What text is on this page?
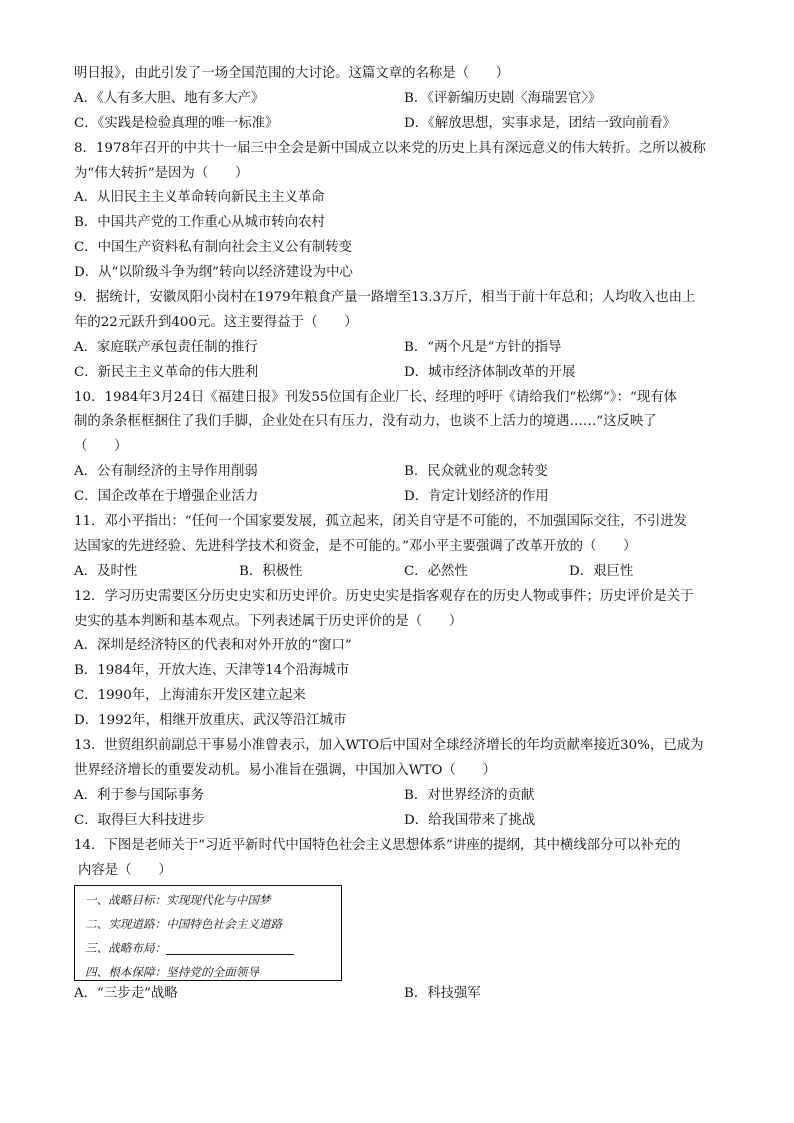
明日报》，由此引发了一场全国范围的大讨论。这篇文章的名称是（　　）
A．《人有多大胆、地有多大产》	B．《评新编历史剧〈海瑞罢官〉》
C．《实践是检验真理的唯一标准》	D．《解放思想，实事求是，团结一致向前看》
8．1978年召开的中共十一届三中全会是新中国成立以来党的历史上具有深远意义的伟大转折。之所以被称
为“伟大转折”是因为（　　）
A．从旧民主主义革命转向新民主主义革命
B．中国共产党的工作重心从城市转向农村
C．中国生产资料私有制向社会主义公有制转变
D．从“以阶级斗争为纲”转向以经济建设为中心
9．据统计，安徽凤阳小岗村在1979年粮食产量一路增至13.3万斤，相当于前十年总和；人均收入也由上
年的22元跃升到400元。这主要得益于（　　）
A．家庭联产承包责任制的推行	B．“两个凡是”方针的指导
C．新民主主义革命的伟大胜利	D．城市经济体制改革的开展
10．1984年3月24日《福建日报》刊发55位国有企业厂长、经理的呼吁《请给我们“松绑”》：“现有体
制的条条框框捆住了我们手脚，企业处在只有压力，没有动力，也谈不上活力的境遇……”这反映了
（　　）
A．公有制经济的主导作用削弱	B．民众就业的观念转变
C．国企改革在于增强企业活力	D．肯定计划经济的作用
11．邓小平指出：“任何一个国家要发展，孤立起来，闭关自守是不可能的，不加强国际交往，不引进发
达国家的先进经验、先进科学技术和资金，是不可能的。”邓小平主要强调了改革开放的（　　）
A．及时性	B．积极性	C．必然性	D．艰巨性
12．学习历史需要区分历史史实和历史评价。历史史实是指客观存在的历史人物或事件；历史评价是关于
史实的基本判断和基本观点。下列表述属于历史评价的是（　　）
A．深圳是经济特区的代表和对外开放的“窗口”
B．1984年，开放大连、天津等14个沿海城市
C．1990年，上海浦东开发区建立起来
D．1992年，相继开放重庆、武汉等沿江城市
13．世贸组织前副总干事易小准曾表示，加入WTO后中国对全球经济增长的年均贡献率接近30%，已成为
世界经济增长的重要发动机。易小准旨在强调，中国加入WTO（　　）
A．利于参与国际事务	B．对世界经济的贡献
C．取得巨大科技进步	D．给我国带来了挑战
14．下图是老师关于“习近平新时代中国特色社会主义思想体系”讲座的提纲，其中横线部分可以补充的
内容是（　　）
一、战略目标：实现现代化与中国梦
二、实现道路：中国特色社会主义道路
三、战略布局：
四、根本保障：坚持党的全面领导
A．“三步走”战略	B．科技强军
